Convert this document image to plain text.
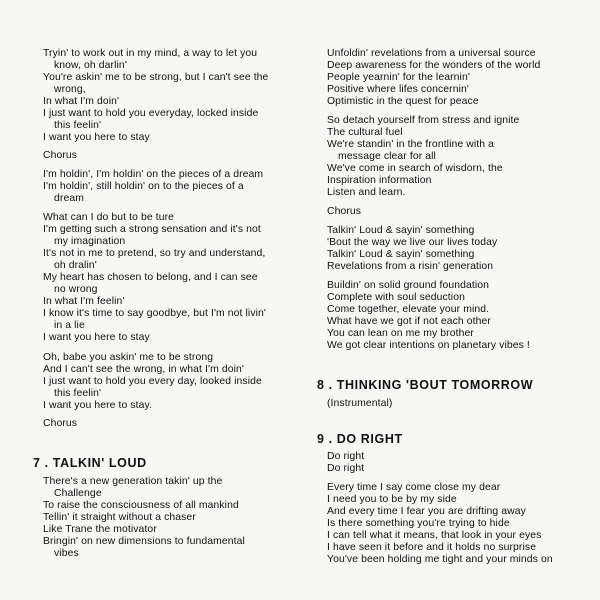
Tryin' to work out in my mind, a way to let you
know, oh darlin'
You're askin' me to be strong, but I can't see the
wrong,
In what I'm doin'
I just want to hold you everyday, locked inside
this feelin'
I want you here to stay
Chorus
I'm holdin', I'm holdin' on the pieces of a dream
I'm holdin', still holdin' on to the pieces of a
dream
What can I do but to be ture
I'm getting such a strong sensation and it's not
my imagination
It's not in me to pretend, so try and understand,
oh dralin'
My heart has chosen to belong, and I can see
no wrong
In what I'm feelin'
I know it's time to say goodbye, but I'm not livin'
in a lie
I want you here to stay
Oh, babe you askin' me to be strong
And I can't see the wrong, in what I'm doin'
I just want to hold you every day, looked inside
this feelin'
I want you here to stay.
Chorus
7 . TALKIN' LOUD
There's a new generation takin' up the
Challenge
To raise the consciousness of all mankind
Tellin' it straight without a chaser
Like Trane the motivator
Bringin' on new dimensions to fundamental
vibes
Unfoldin' revelations from a universal source
Deep awareness for the wonders of the world
People yearnin' for the learnin'
Positive where lifes concernin'
Optimistic in the quest for peace
So detach yourself from stress and ignite
The cultural fuel
We're standin' in the frontline with a
message clear for all
We've come in search of wisdorn, the
Inspiration information
Listen and learn.
Chorus
Talkin' Loud & sayin' something
'Bout the way we live our lives today
Talkin' Loud & sayin' something
Revelations from a risin' generation
Buildin' on solid ground foundation
Complete with soul seduction
Come together, elevate your mind.
What have we got if not each other
You can lean on me my brother
We got clear intentions on planetary vibes !
8 . THINKING 'BOUT TOMORROW
(Instrumental)
9 . DO RIGHT
Do right
Do right
Every time I say come close my dear
I need you to be by my side
And every time I fear you are drifting away
Is there something you're trying to hide
I can tell what it means, that look in your eyes
I have seen it before and it holds no surprise
You've been holding me tight and your minds on
